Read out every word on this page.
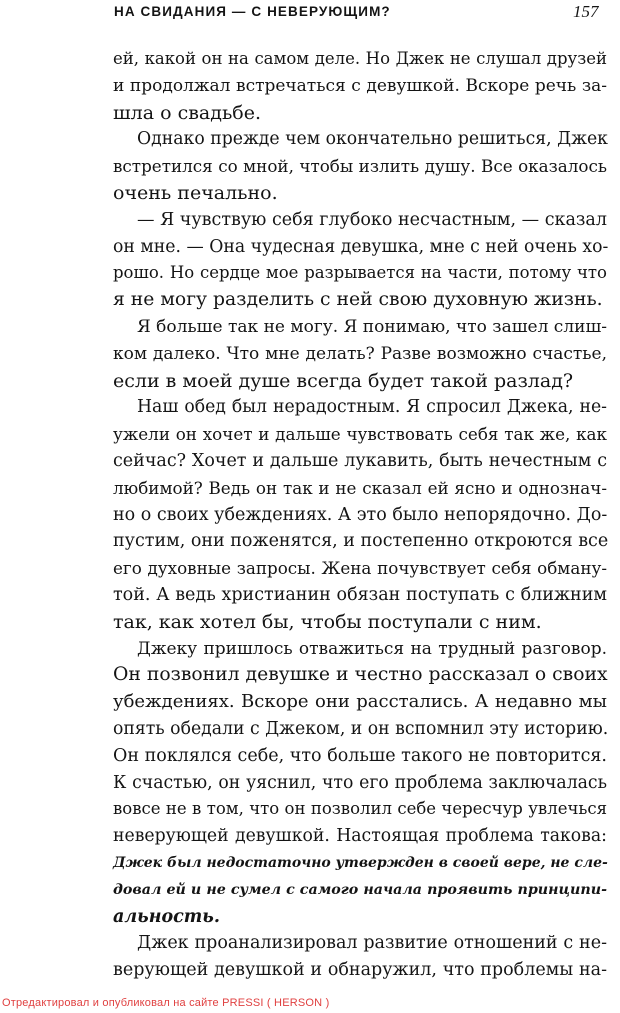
НА СВИДАНИЯ — С НЕВЕРУЮЩИМ?	157
ей, какой он на самом деле. Но Джек не слушал друзей
и продолжал встречаться с девушкой. Вскоре речь за-
шла о свадьбе.
Однако прежде чем окончательно решиться, Джек
встретился со мной, чтобы излить душу. Все оказалось
очень печально.
— Я чувствую себя глубоко несчастным, — сказал
он мне. — Она чудесная девушка, мне с ней очень хо-
рошо. Но сердце мое разрывается на части, потому что
я не могу разделить с ней свою духовную жизнь.
Я больше так не могу. Я понимаю, что зашел слиш-
ком далеко. Что мне делать? Разве возможно счастье,
если в моей душе всегда будет такой разлад?
Наш обед был нерадостным. Я спросил Джека, не-
ужели он хочет и дальше чувствовать себя так же, как
сейчас? Хочет и дальше лукавить, быть нечестным с
любимой? Ведь он так и не сказал ей ясно и однознач-
но о своих убеждениях. А это было непорядочно. До-
пустим, они поженятся, и постепенно откроются все
его духовные запросы. Жена почувствует себя обману-
той. А ведь христианин обязан поступать с ближним
так, как хотел бы, чтобы поступали с ним.
Джеку пришлось отважиться на трудный разговор.
Он позвонил девушке и честно рассказал о своих
убеждениях. Вскоре они расстались. А недавно мы
опять обедали с Джеком, и он вспомнил эту историю.
Он поклялся себе, что больше такого не повторится.
К счастью, он уяснил, что его проблема заключалась
вовсе не в том, что он позволил себе чересчур увлечься
неверующей девушкой. Настоящая проблема такова:
Джек был недостаточно утвержден в своей вере, не сле-
довал ей и не сумел с самого начала проявить принципи-
альность.
Джек проанализировал развитие отношений с не-
верующей девушкой и обнаружил, что проблемы на-
Отредактировал и опубликовал на сайте PRESSI ( HERSON )
